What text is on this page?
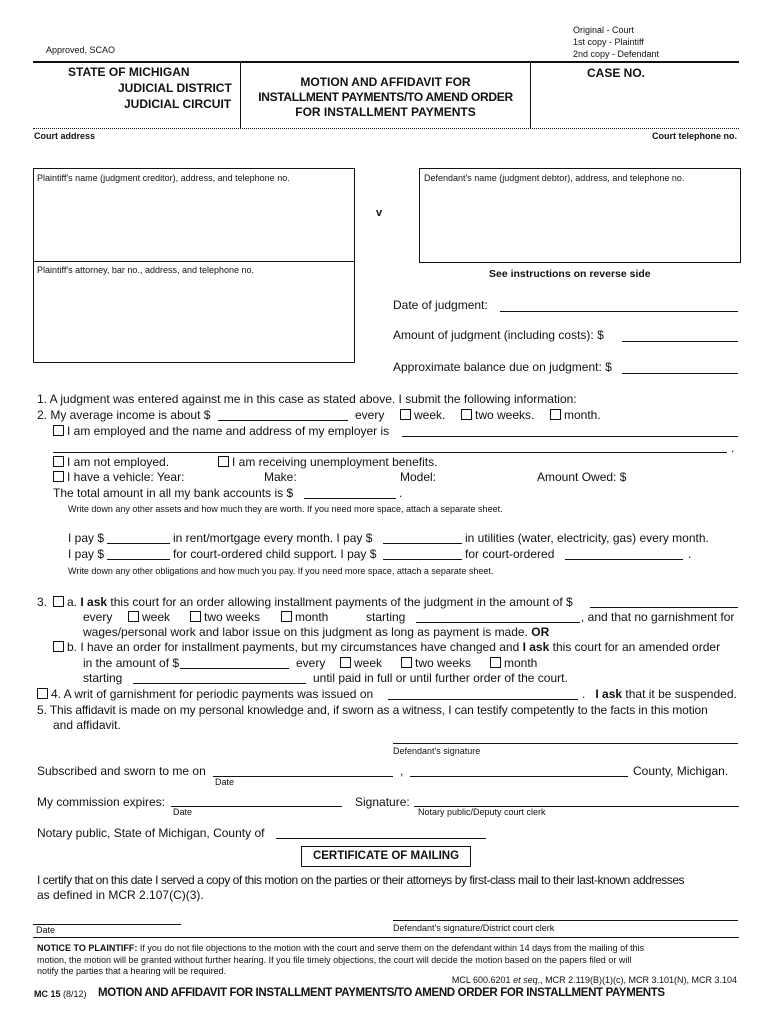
Original - Court
1st copy - Plaintiff
2nd copy - Defendant
Approved, SCAO
STATE OF MICHIGAN
JUDICIAL DISTRICT
JUDICIAL CIRCUIT
MOTION AND AFFIDAVIT FOR
INSTALLMENT PAYMENTS/TO AMEND ORDER
FOR INSTALLMENT PAYMENTS
CASE NO.
Court address	Court telephone no.
Plaintiff's name (judgment creditor), address, and telephone no.
Plaintiff's attorney, bar no., address, and telephone no.
v
Defendant's name (judgment debtor), address, and telephone no.
See instructions on reverse side
Date of judgment:
Amount of judgment (including costs): $
Approximate balance due on judgment: $
1. A judgment was entered against me in this case as stated above. I submit the following information:
2. My average income is about $	every	week.	two weeks.	month.
I am employed and the name and address of my employer is
.
I am not employed.	I am receiving unemployment benefits.
I have a vehicle: Year:	Make:	Model:	Amount Owed: $
The total amount in all my bank accounts is $	.
Write down any other assets and how much they are worth. If you need more space, attach a separate sheet.
I pay $	in rent/mortgage every month. I pay $	in utilities (water, electricity, gas) every month.
I pay $	for court-ordered child support. I pay $	for court-ordered	.
Write down any other obligations and how much you pay. If you need more space, attach a separate sheet.
3.	a. I ask this court for an order allowing installment payments of the judgment in the amount of $
every	week	two weeks	month	starting	, and that no garnishment for
wages/personal work and labor issue on this judgment as long as payment is made. OR
b. I have an order for installment payments, but my circumstances have changed and I ask this court for an amended order
in the amount of $	every	week	two weeks	month
starting	until paid in full or until further order of the court.
4. A writ of garnishment for periodic payments was issued on	. I ask that it be suspended.
5. This affidavit is made on my personal knowledge and, if sworn as a witness, I can testify competently to the facts in this motion
and affidavit.
Defendant's signature
Subscribed and sworn to me on
Date
,	County, Michigan.
My commission expires:
Date
Signature:
Notary public/Deputy court clerk
Notary public, State of Michigan, County of
CERTIFICATE OF MAILING
I certify that on this date I served a copy of this motion on the parties or their attorneys by first-class mail to their last-known addresses
as defined in MCR 2.107(C)(3).
Date	Defendant's signature/District court clerk
NOTICE TO PLAINTIFF: If you do not file objections to the motion with the court and serve them on the defendant within 14 days from the mailing of this
motion, the motion will be granted without further hearing. If you file timely objections, the court will decide the motion based on the papers filed or will
notify the parties that a hearing will be required.
MCL 600.6201 et seq., MCR 2.119(B)(1)(c), MCR 3.101(N), MCR 3.104
MC 15 (8/12) MOTION AND AFFIDAVIT FOR INSTALLMENT PAYMENTS/TO AMEND ORDER FOR INSTALLMENT PAYMENTS
